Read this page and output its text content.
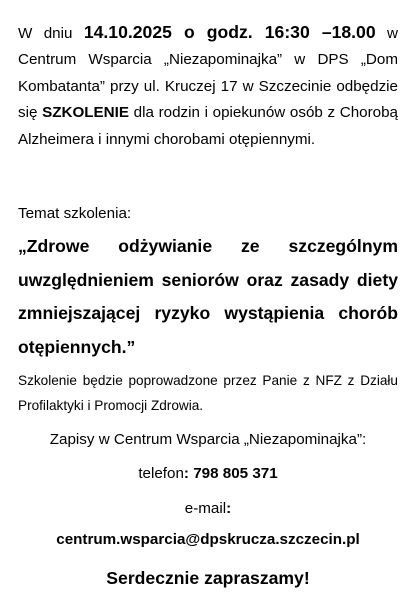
W dniu 14.10.2025 o godz. 16:30 –18.00 w Centrum Wsparcia „Niezapominajka” w DPS „Dom Kombatanta” przy ul. Kruczej 17 w Szczecinie odbędzie się SZKOLENIE dla rodzin i opiekunów osób z Chorobą Alzheimera i innymi chorobami otępiennymi.

Temat szkolenia:

„Zdrowe odżywianie ze szczególnym uwzględnieniem seniorów oraz zasady diety zmniejszającej ryzyko wystąpienia chorób otępiennych.”

Szkolenie będzie poprowadzone przez Panie z NFZ z Działu Profilaktyki i Promocji Zdrowia.

Zapisy w Centrum Wsparcia „Niezapominajka”:

telefon: 798 805 371

e-mail:

centrum.wsparcia@dpskrucza.szczecin.pl

Serdecznie zapraszamy!
